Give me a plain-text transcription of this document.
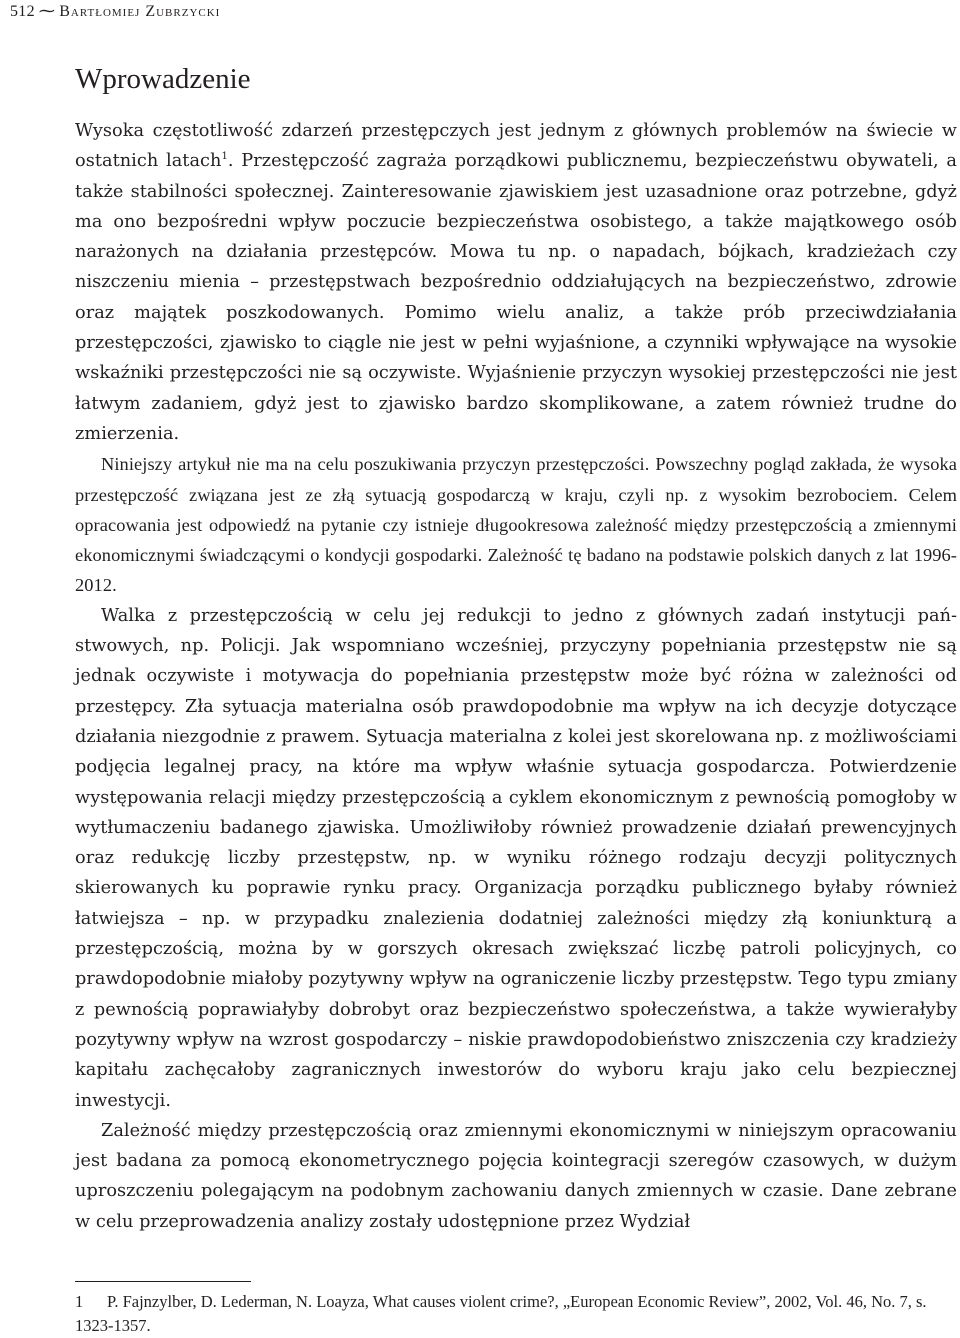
512 ⁓ Bartłomiej Zubrzycki
Wprowadzenie

Wysoka częstotliwość zdarzeń przestępczych jest jednym z głównych problemów na świecie w ostatnich latach$^1$. Przestępczość zagraża porządkowi publicznemu, bezpieczeństwu obywateli, a także stabilności społecznej. Zainteresowanie zjawiskiem jest uzasadnione oraz potrzebne, gdyż ma ono bezpośredni wpływ poczucie bezpieczeństwa osobistego, a także majątkowego osób narażonych na działania przestępców. Mowa tu np. o napadach, bójkach, kradzieżach czy niszczeniu mienia – przestępstwach bezpośrednio oddziałujących na bezpieczeństwo, zdrowie oraz majątek poszkodowanych. Pomimo wielu analiz, a także prób przeciwdziałania przestępczości, zjawisko to ciągle nie jest w pełni wyjaśnione, a czynniki wpływające na wysokie wskaźniki przestępczości nie są oczywiste. Wyjaśnienie przyczyn wysokiej przestępczości nie jest łatwym zadaniem, gdyż jest to zjawisko bardzo skomplikowane, a zatem również trudne do zmierzenia.

Niniejszy artykuł nie ma na celu poszukiwania przyczyn przestępczości. Powszechny pogląd zakłada, że wysoka przestępczość związana jest ze złą sytuacją gospodarczą w kraju, czyli np. z wysokim bezrobociem. Celem opracowania jest odpowiedź na pytanie czy istnieje długookresowa zależność między przestępczością a zmiennymi ekonomicznymi świadczącymi o kondycji gospodarki. Zależność tę badano na podstawie polskich danych z lat 1996-2012.

Walka z przestępczością w celu jej redukcji to jedno z głównych zadań instytucji państwowych, np. Policji. Jak wspomniano wcześniej, przyczyny popełniania przestępstw nie są jednak oczywiste i motywacja do popełniania przestępstw może być różna w zależności od przestępcy. Zła sytuacja materialna osób prawdopodobnie ma wpływ na ich decyzje dotyczące działania niezgodnie z prawem. Sytuacja materialna z kolei jest skorelowana np. z możliwościami podjęcia legalnej pracy, na które ma wpływ właśnie sytuacja gospodarcza. Potwierdzenie występowania relacji między przestępczością a cyklem ekonomicznym z pewnością pomogłoby w wytłumaczeniu badanego zjawiska. Umożliwiłoby również prowadzenie działań prewencyjnych oraz redukcję liczby przestępstw, np. w wyniku różnego rodzaju decyzji politycznych skierowanych ku poprawie rynku pracy. Organizacja porządku publicznego byłaby również łatwiejsza – np. w przypadku znalezienia dodatniej zależności między złą koniunkturą a przestępczością, można by w gorszych okresach zwiększać liczbę patroli policyjnych, co prawdopodobnie miałoby pozytywny wpływ na ograniczenie liczby przestępstw. Tego typu zmiany z pewnością poprawiałyby dobrobyt oraz bezpieczeństwo społeczeństwa, a także wywierałyby pozytywny wpływ na wzrost gospodarczy – niskie prawdopodobieństwo zniszczenia czy kradzieży kapitału zachęcałoby zagranicznych inwestorów do wyboru kraju jako celu bezpiecznej inwestycji.

Zależność między przestępczością oraz zmiennymi ekonomicznymi w niniejszym opracowaniu jest badana za pomocą ekonometrycznego pojęcia kointegracji szeregów czasowych, w dużym uproszczeniu polegającym na podobnym zachowaniu danych zmiennych w czasie. Dane zebrane w celu przeprowadzenia analizy zostały udostępnione przez Wydział

1 P. Fajnzylber, D. Lederman, N. Loayza, What causes violent crime?, „European Economic Review”, 2002, Vol. 46, No. 7, s. 1323-1357.
